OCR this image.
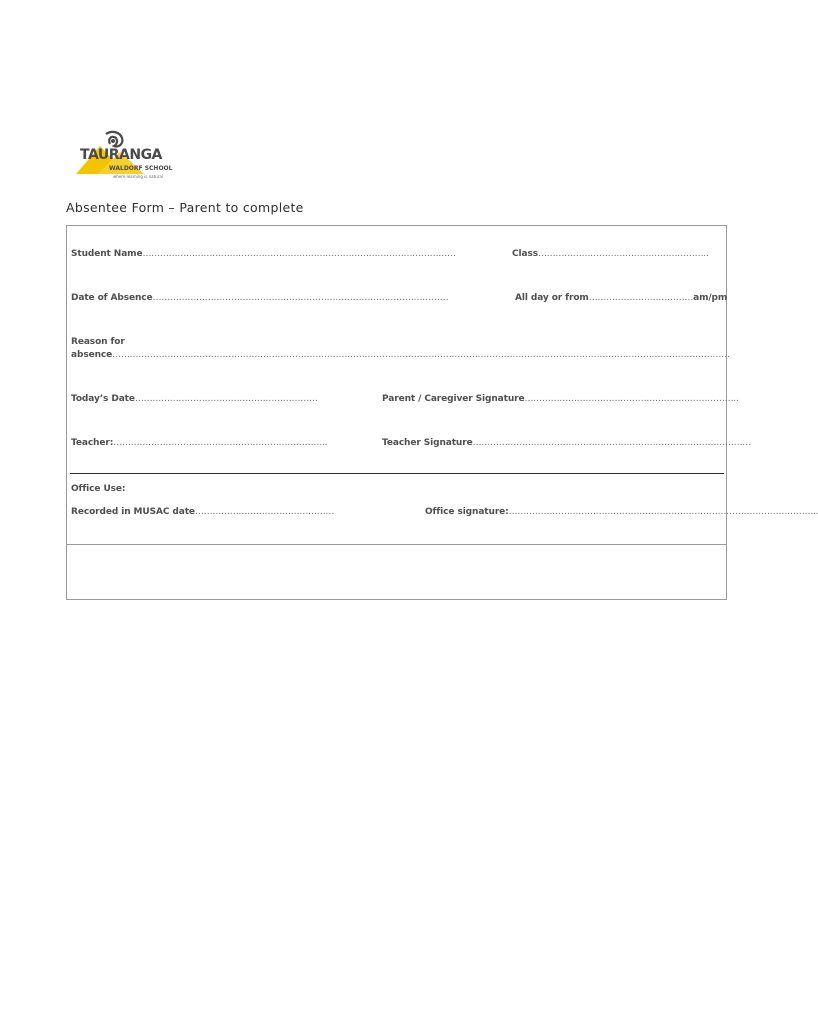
TAURANGA
WALDORF SCHOOL
where learning is natural
Absentee Form – Parent to complete
Student Name………………………………………………………………………………………………	Class…………………………………………………..
Date of Absence…………………………………………………………………………………………	All day or from………………………………am/pm
Reason for
absence……………………………………………………………………………………………………………………………………………………………………………………………
Today’s Date………………………………………………………	Parent / Caregiver Signature………………………………………………………………..
Teacher:………………………………………………………………..	Teacher Signature……………………………………………………………………………………
Office Use:
Recorded in MUSAC date…………………………………………	Office signature:……………………………………………………………………………………………..
